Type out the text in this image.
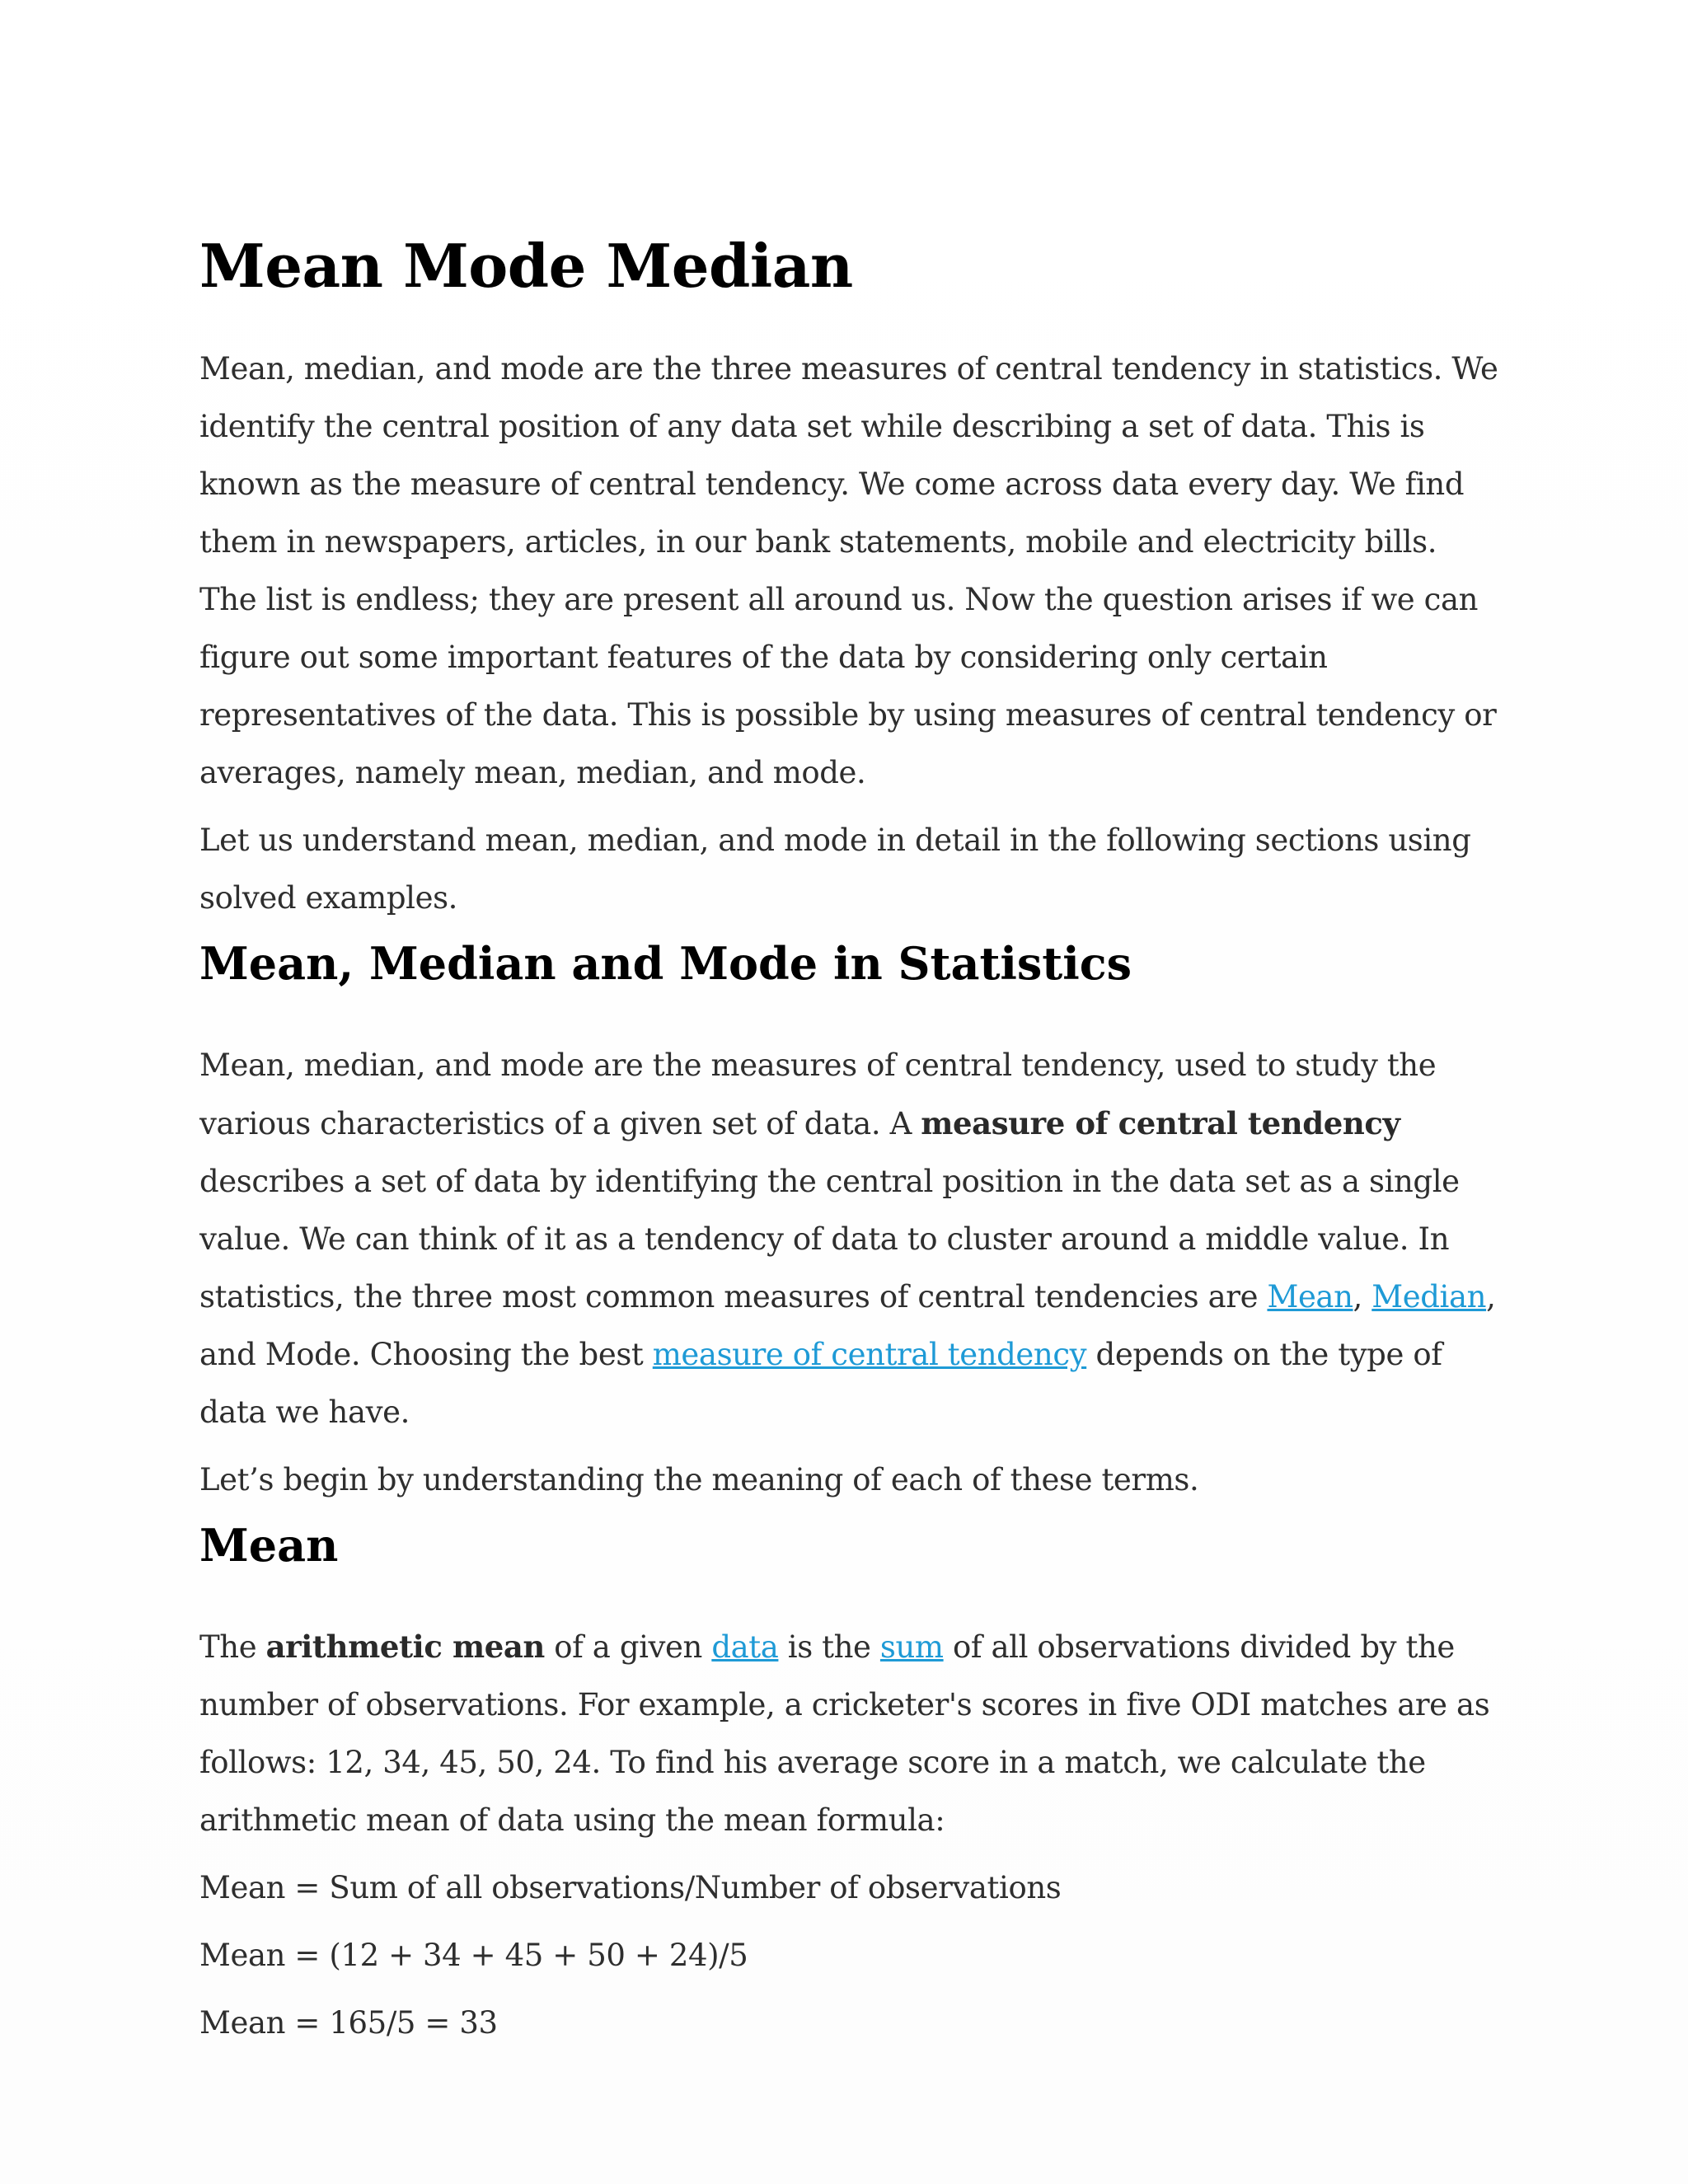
Mean Mode Median

Mean, median, and mode are the three measures of central tendency in statistics. We identify the central position of any data set while describing a set of data. This is known as the measure of central tendency. We come across data every day. We find them in newspapers, articles, in our bank statements, mobile and electricity bills. The list is endless; they are present all around us. Now the question arises if we can figure out some important features of the data by considering only certain representatives of the data. This is possible by using measures of central tendency or averages, namely mean, median, and mode.

Let us understand mean, median, and mode in detail in the following sections using solved examples.

Mean, Median and Mode in Statistics

Mean, median, and mode are the measures of central tendency, used to study the various characteristics of a given set of data. A measure of central tendency describes a set of data by identifying the central position in the data set as a single value. We can think of it as a tendency of data to cluster around a middle value. In statistics, the three most common measures of central tendencies are Mean, Median, and Mode. Choosing the best measure of central tendency depends on the type of data we have.

Let’s begin by understanding the meaning of each of these terms.

Mean

The arithmetic mean of a given data is the sum of all observations divided by the number of observations. For example, a cricketer's scores in five ODI matches are as follows: 12, 34, 45, 50, 24. To find his average score in a match, we calculate the arithmetic mean of data using the mean formula:

Mean = Sum of all observations/Number of observations

Mean = (12 + 34 + 45 + 50 + 24)/5

Mean = 165/5 = 33
